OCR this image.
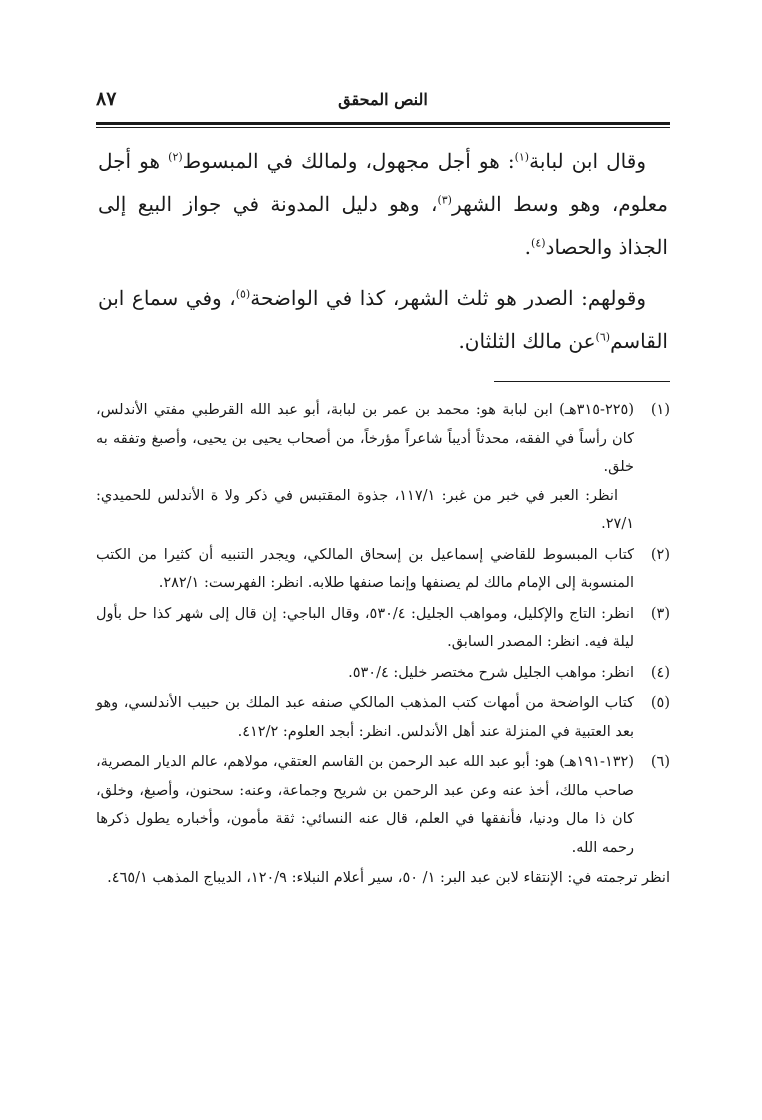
النص المحقق
٨٧

وقال ابن لبابة$^{(١)}$: هو أجل مجهول، ولمالك في المبسوط$^{(٢)}$ هو أجل معلوم، وهو وسط الشهر$^{(٣)}$، وهو دليل المدونة في جواز البيع إلى الجذاذ والحصاد$^{(٤)}$.

وقولهم: الصدر هو ثلث الشهر، كذا في الواضحة$^{(٥)}$، وفي سماع ابن القاسم$^{(٦)}$عن مالك الثلثان.

(١)

(٢٢٥-٣١٥هـ) ابن لبابة هو: محمد بن عمر بن لبابة، أبو عبد الله القرطبي مفتي الأندلس، كان رأساً في الفقه، محدثاً أديباً شاعراً مؤرخاً، من أصحاب يحيى بن يحيى، وأصبغ وتفقه به خلق.

انظر: العبر في خبر من غبر: ١١٧/١، جذوة المقتبس في ذكر ولا ة الأندلس للحميدي: ٢٧/١.

(٢)

كتاب المبسوط للقاضي إسماعيل بن إسحاق المالكي، ويجدر التنبيه أن كثيرا من الكتب المنسوبة إلى الإمام مالك لم يصنفها وإنما صنفها طلابه. انظر: الفهرست: ٢٨٢/١.

(٣)

انظر: التاج والإكليل، ومواهب الجليل: ٥٣٠/٤، وقال الباجي: إن قال إلى شهر كذا حل بأول ليلة فيه. انظر: المصدر السابق.

(٤)

انظر: مواهب الجليل شرح مختصر خليل: ٥٣٠/٤.

(٥)

كتاب الواضحة من أمهات كتب المذهب المالكي صنفه عبد الملك بن حبيب الأندلسي، وهو بعد العتبية في المنزلة عند أهل الأندلس. انظر: أبجد العلوم: ٤١٢/٢.

(٦)

(١٣٢-١٩١هـ) هو: أبو عبد الله عبد الرحمن بن القاسم العتقي، مولاهم، عالم الديار المصرية، صاحب مالك، أخذ عنه وعن عبد الرحمن بن شريح وجماعة، وعنه: سحنون، وأصبغ، وخلق، كان ذا مال ودنيا، فأنفقها في العلم، قال عنه النسائي: ثقة مأمون، وأخباره يطول ذكرها رحمه الله.

انظر ترجمته في: الإنتقاء لابن عبد البر: ١/ ٥٠، سير أعلام النبلاء: ١٢٠/٩، الديباج المذهب ٤٦٥/١.
